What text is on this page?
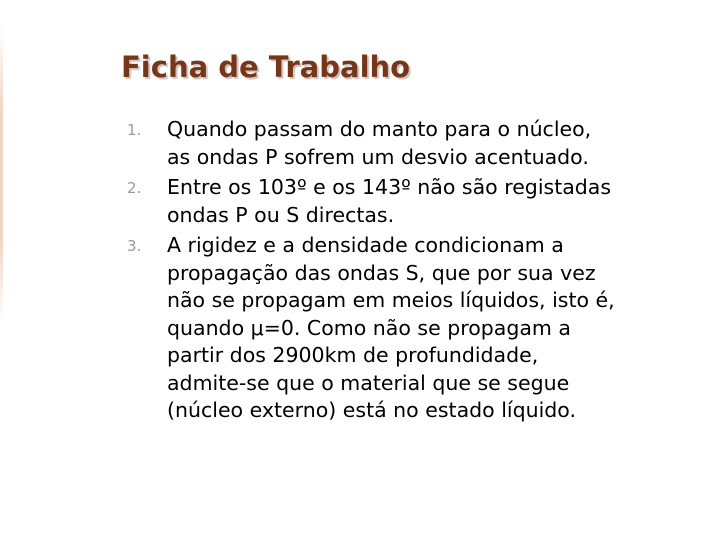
Ficha de Trabalho
1. Quando passam do manto para o núcleo,
as ondas P sofrem um desvio acentuado.
2. Entre os 103º e os 143º não são registadas
ondas P ou S directas.
3. A rigidez e a densidade condicionam a
propagação das ondas S, que por sua vez
não se propagam em meios líquidos, isto é,
quando μ=0. Como não se propagam a
partir dos 2900km de profundidade,
admite-se que o material que se segue
(núcleo externo) está no estado líquido.
